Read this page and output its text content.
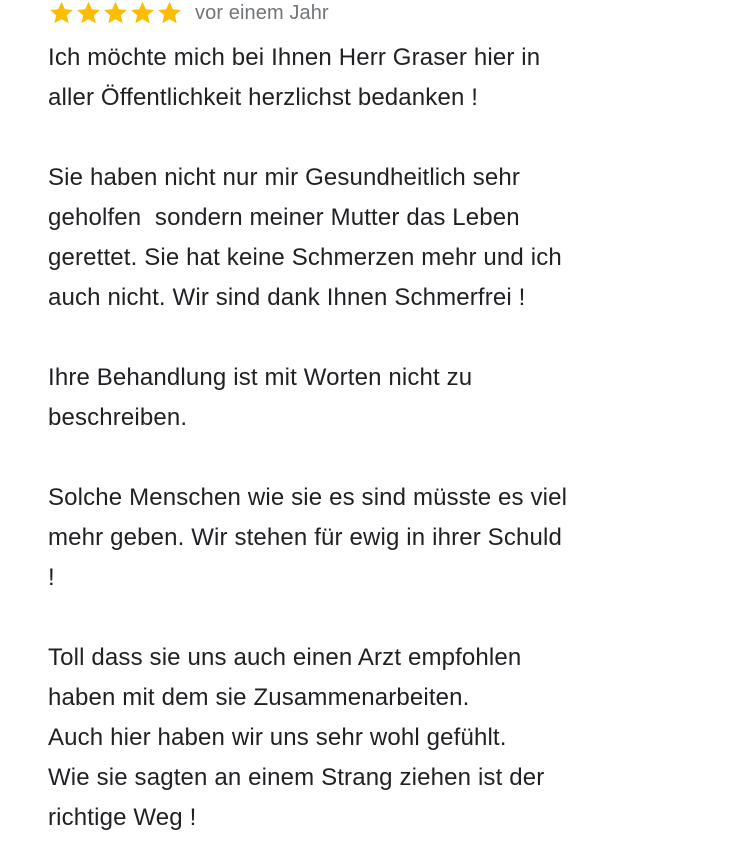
vor einem Jahr
Ich möchte mich bei Ihnen Herr Graser hier in
aller Öffentlichkeit herzlichst bedanken !
Sie haben nicht nur mir Gesundheitlich sehr
geholfen  sondern meiner Mutter das Leben
gerettet. Sie hat keine Schmerzen mehr und ich
auch nicht. Wir sind dank Ihnen Schmerfrei !
Ihre Behandlung ist mit Worten nicht zu
beschreiben.
Solche Menschen wie sie es sind müsste es viel
mehr geben. Wir stehen für ewig in ihrer Schuld
!
Toll dass sie uns auch einen Arzt empfohlen
haben mit dem sie Zusammenarbeiten.
Auch hier haben wir uns sehr wohl gefühlt.
Wie sie sagten an einem Strang ziehen ist der
richtige Weg !
